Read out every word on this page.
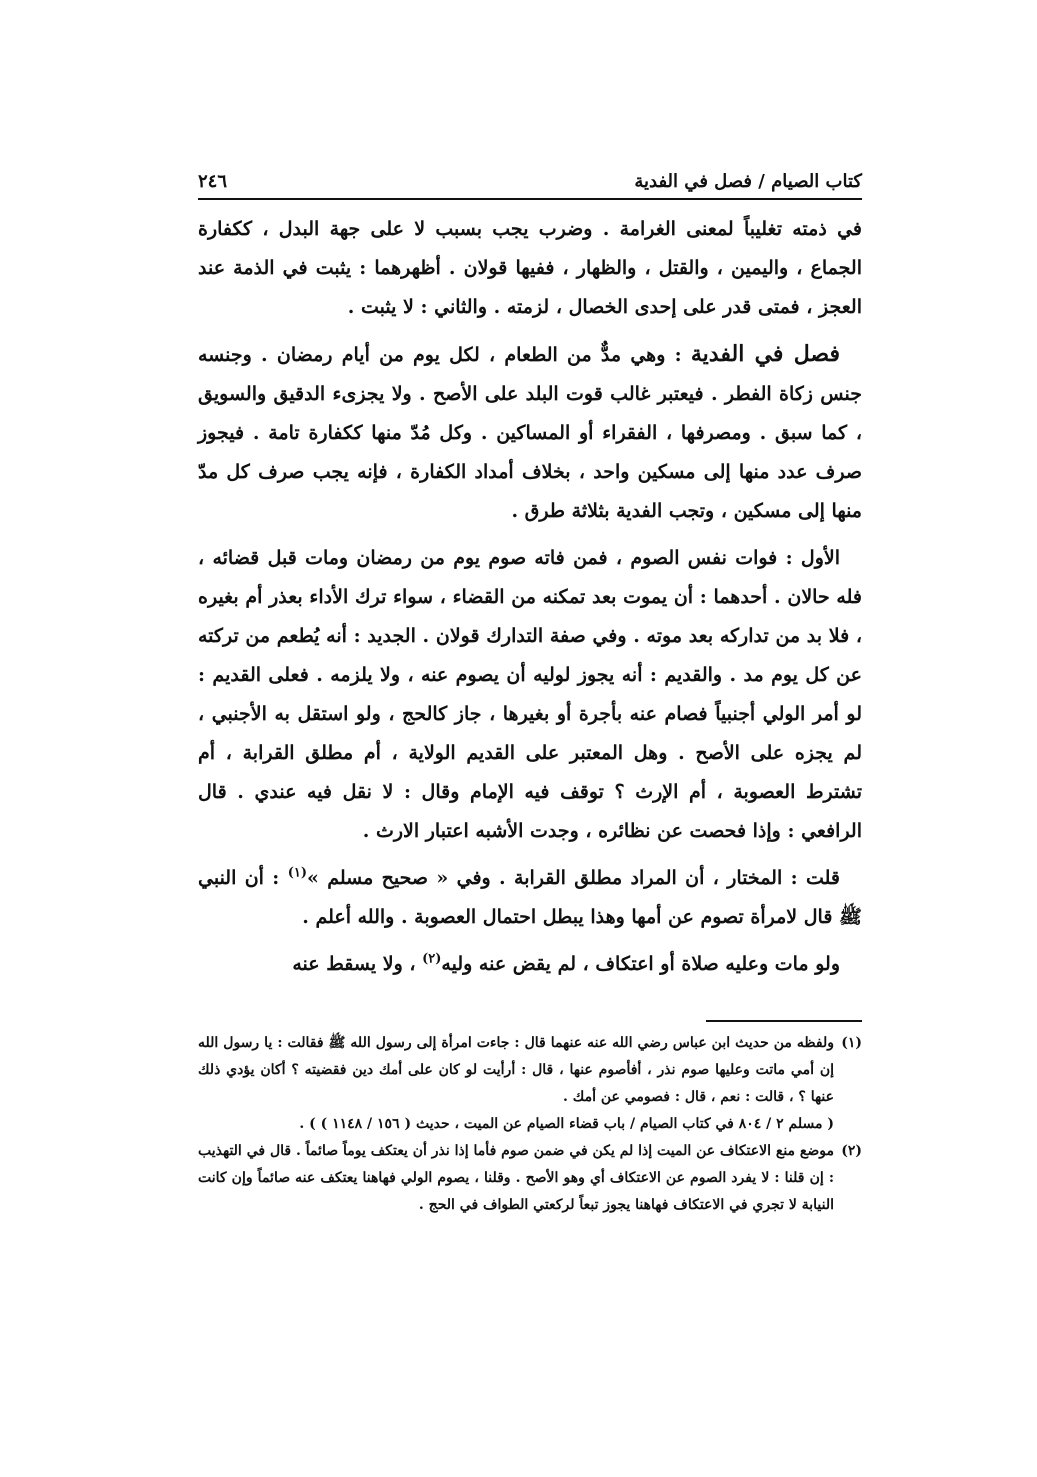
كتاب الصيام / فصل في الفدية
٢٤٦

في ذمته تغليباً لمعنى الغرامة . وضرب يجب بسبب لا على جهة البدل ، ككفارة الجماع ، واليمين ، والقتل ، والظهار ، ففيها قولان . أظهرهما : يثبت في الذمة عند العجز ، فمتى قدر على إحدى الخصال ، لزمته . والثاني : لا يثبت .

فصل في الفدية : وهي مدٌّ من الطعام ، لكل يوم من أيام رمضان . وجنسه جنس زكاة الفطر . فيعتبر غالب قوت البلد على الأصح . ولا يجزىء الدقيق والسويق ، كما سبق . ومصرفها ، الفقراء أو المساكين . وكل مُدّ منها ككفارة تامة . فيجوز صرف عدد منها إلى مسكين واحد ، بخلاف أمداد الكفارة ، فإنه يجب صرف كل مدّ منها إلى مسكين ، وتجب الفدية بثلاثة طرق .

الأول : فوات نفس الصوم ، فمن فاته صوم يوم من رمضان ومات قبل قضائه ، فله حالان . أحدهما : أن يموت بعد تمكنه من القضاء ، سواء ترك الأداء بعذر أم بغيره ، فلا بد من تداركه بعد موته . وفي صفة التدارك قولان . الجديد : أنه يُطعم من تركته عن كل يوم مد . والقديم : أنه يجوز لوليه أن يصوم عنه ، ولا يلزمه . فعلى القديم : لو أمر الولي أجنبياً فصام عنه بأجرة أو بغيرها ، جاز كالحج ، ولو استقل به الأجنبي ، لم يجزه على الأصح . وهل المعتبر على القديم الولاية ، أم مطلق القرابة ، أم تشترط العصوبة ، أم الإرث ؟ توقف فيه الإمام وقال : لا نقل فيه عندي . قال الرافعي : وإذا فحصت عن نظائره ، وجدت الأشبه اعتبار الارث .

قلت : المختار ، أن المراد مطلق القرابة . وفي « صحيح مسلم »$^{(١)}$ : أن النبي ﷺ قال لامرأة تصوم عن أمها وهذا يبطل احتمال العصوبة . والله أعلم .

ولو مات وعليه صلاة أو اعتكاف ، لم يقض عنه وليه$^{(٢)}$ ، ولا يسقط عنه

(١)
ولفظه من حديث ابن عباس رضي الله عنه عنهما قال : جاءت امرأة إلى رسول الله ﷺ فقالت : يا رسول الله إن أمي ماتت وعليها صوم نذر ، أفأصوم عنها ، قال : أرأيت لو كان على أمك دين فقضيته ؟ أكان يؤدي ذلك عنها ؟ ، قالت : نعم ، قال : فصومي عن أمك .
( مسلم ٢ / ٨٠٤ في كتاب الصيام / باب قضاء الصيام عن الميت ، حديث ( ١٥٦ / ١١٤٨ ) ) .
(٢)
موضع منع الاعتكاف عن الميت إذا لم يكن في ضمن صوم فأما إذا نذر أن يعتكف يوماً صائماً . قال في التهذيب : إن قلنا : لا يفرد الصوم عن الاعتكاف أي وهو الأصح . وقلنا ، يصوم الولي فهاهنا يعتكف عنه صائماً وإن كانت النيابة لا تجري في الاعتكاف فهاهنا يجوز تبعاً لركعتي الطواف في الحج .
